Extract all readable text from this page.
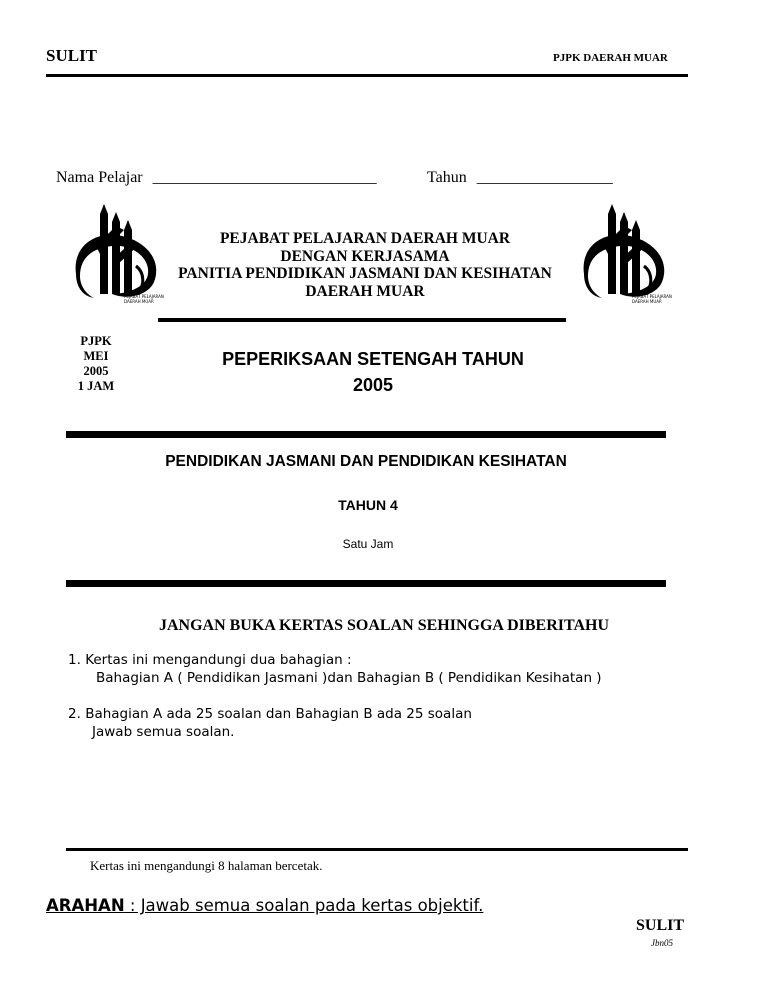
SULIT	PJPK DAERAH MUAR
Nama Pelajar ____________________________	Tahun _________________
PEJABAT PELAJARAN
DAERAH MUAR
PEJABAT PELAJARAN
DAERAH MUAR
PEJABAT PELAJARAN DAERAH MUAR
DENGAN KERJASAMA
PANITIA PENDIDIKAN JASMANI DAN KESIHATAN
DAERAH MUAR
PJPK
MEI
2005
1 JAM
PEPERIKSAAN SETENGAH TAHUN
2005
PENDIDIKAN JASMANI DAN PENDIDIKAN KESIHATAN
TAHUN 4
Satu Jam
JANGAN BUKA KERTAS SOALAN SEHINGGA DIBERITAHU
1. Kertas ini mengandungi dua bahagian :
Bahagian A ( Pendidikan Jasmani )dan Bahagian B ( Pendidikan Kesihatan )
2. Bahagian A ada 25 soalan dan Bahagian B ada 25 soalan
Jawab semua soalan.
Kertas ini mengandungi 8 halaman bercetak.
ARAHAN : Jawab semua soalan pada kertas objektif.
SULIT
Jbn05
